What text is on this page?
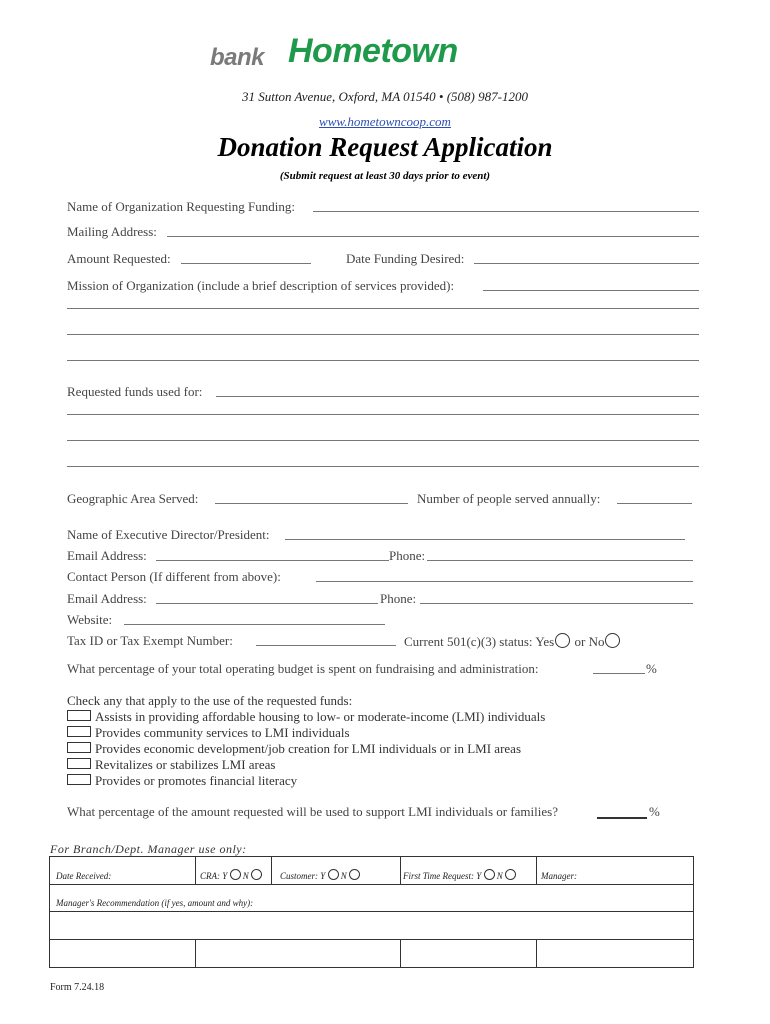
bank Hometown
31 Sutton Avenue, Oxford, MA 01540 • (508) 987-1200
www.hometowncoop.com
Donation Request Application
(Submit request at least 30 days prior to event)
Name of Organization Requesting Funding:
Mailing Address:
Amount Requested:	Date Funding Desired:
Mission of Organization (include a brief description of services provided):
Requested funds used for:
Geographic Area Served:	Number of people served annually:
Name of Executive Director/President:
Email Address:	Phone:
Contact Person (If different from above):
Email Address:	Phone:
Website:
Tax ID or Tax Exempt Number:	Current 501(c)(3) status: Yes or No
What percentage of your total operating budget is spent on fundraising and administration:	%
Check any that apply to the use of the requested funds:
Assists in providing affordable housing to low- or moderate-income (LMI) individuals
Provides community services to LMI individuals
Provides economic development/job creation for LMI individuals or in LMI areas
Revitalizes or stabilizes LMI areas
Provides or promotes financial literacy
What percentage of the amount requested will be used to support LMI individuals or families?	%
For Branch/Dept. Manager use only:
Date Received:	CRA: Y N	Customer: Y N	First Time Request: Y N	Manager:
Manager's Recommendation (if yes, amount and why):
Form 7.24.18
